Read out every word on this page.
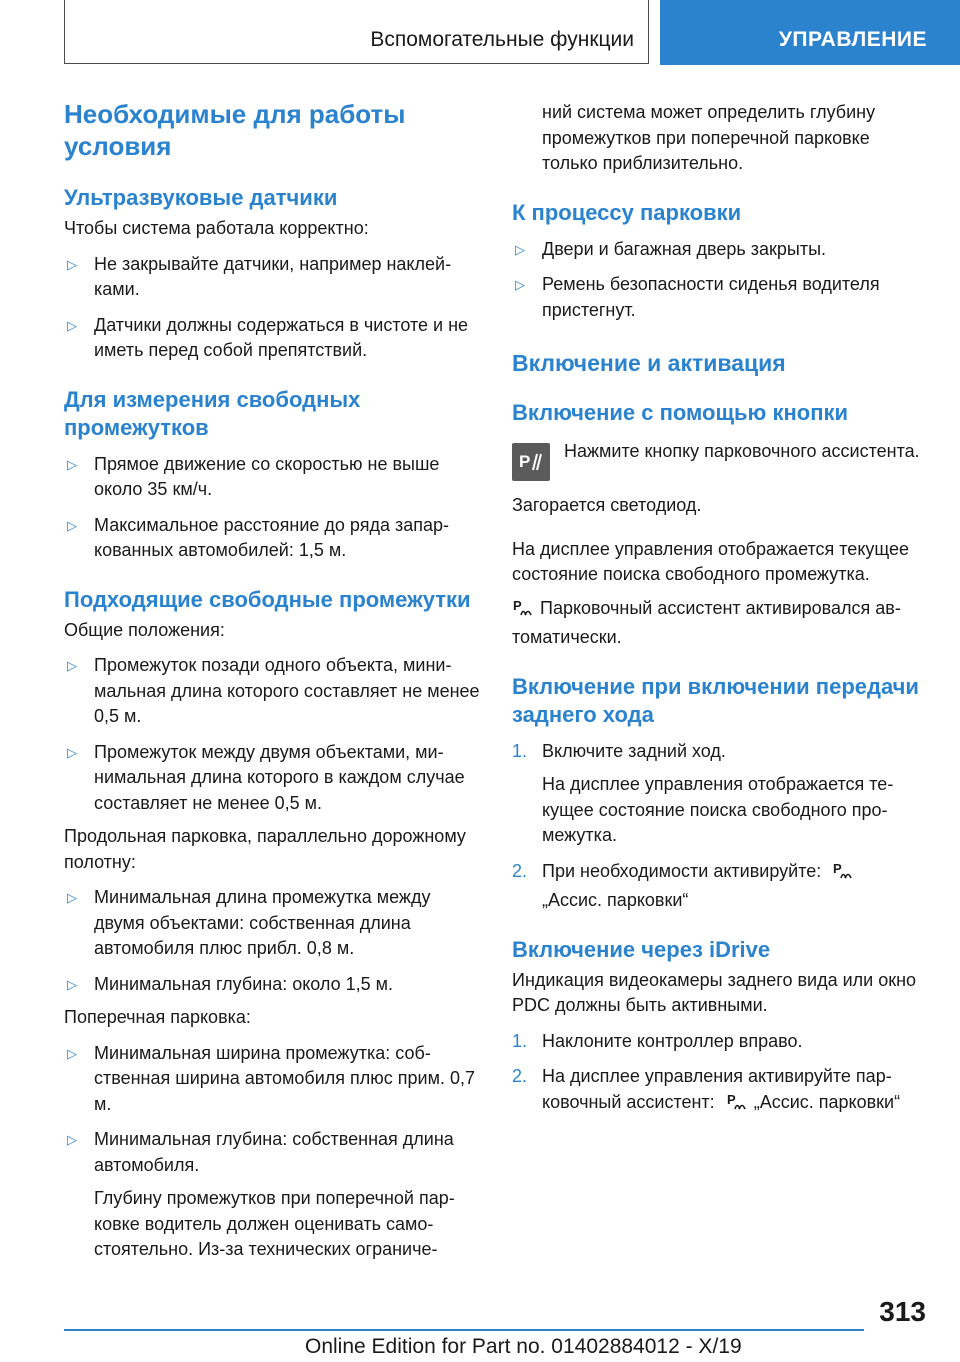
Вспомогательные функции	УПРАВЛЕНИЕ
Необходимые для работы условия
Ультразвуковые датчики

Чтобы система работала корректно:

▷ Не закрывайте датчики, например наклейками.
▷ Датчики должны содержаться в чистоте и не иметь перед собой препятствий.
Для измерения свободных промежутков
▷ Прямое движение со скоростью не выше около 35 км/ч.
▷ Максимальное расстояние до ряда запаркованных автомобилей: 1,5 м.
Подходящие свободные промежутки

Общие положения:

▷ Промежуток позади одного объекта, минимальная длина которого составляет не менее 0,5 м.
▷ Промежуток между двумя объектами, минимальная длина которого в каждом случае составляет не менее 0,5 м.

Продольная парковка, параллельно дорожному полотну:

▷ Минимальная длина промежутка между двумя объектами: собственная длина автомобиля плюс прибл. 0,8 м.
▷ Минимальная глубина: около 1,5 м.

Поперечная парковка:

▷ Минимальная ширина промежутка: собственная ширина автомобиля плюс прим. 0,7 м.
▷ Минимальная глубина: собственная длина автомобиля.

Глубину промежутков при поперечной парковке водитель должен оценивать самостоятельно. Из-за технических ограниче-

ний система может определить глубину промежутков при поперечной парковке только приблизительно.

К процессу парковки
▷ Двери и багажная дверь закрыты.
▷ Ремень безопасности сиденья водителя пристегнут.
Включение и активация
Включение с помощью кнопки
P

Нажмите кнопку парковочного ассистента.

Загорается светодиод.

На дисплее управления отображается текущее состояние поиска свободного промежутка.

P Парковочный ассистент активировался автоматически.

Включение при включении передачи заднего хода
1. Включите задний ход.

На дисплее управления отображается текущее состояние поиска свободного промежутка.

2. При необходимости активируйте: P

„Ассис. парковки“

Включение через iDrive

Индикация видеокамеры заднего вида или окно PDC должны быть активными.

1. Наклоните контроллер вправо.
2. На дисплее управления активируйте парковочный ассистент: P „Ассис. парковки“
313
Online Edition for Part no. 01402884012 - X/19
